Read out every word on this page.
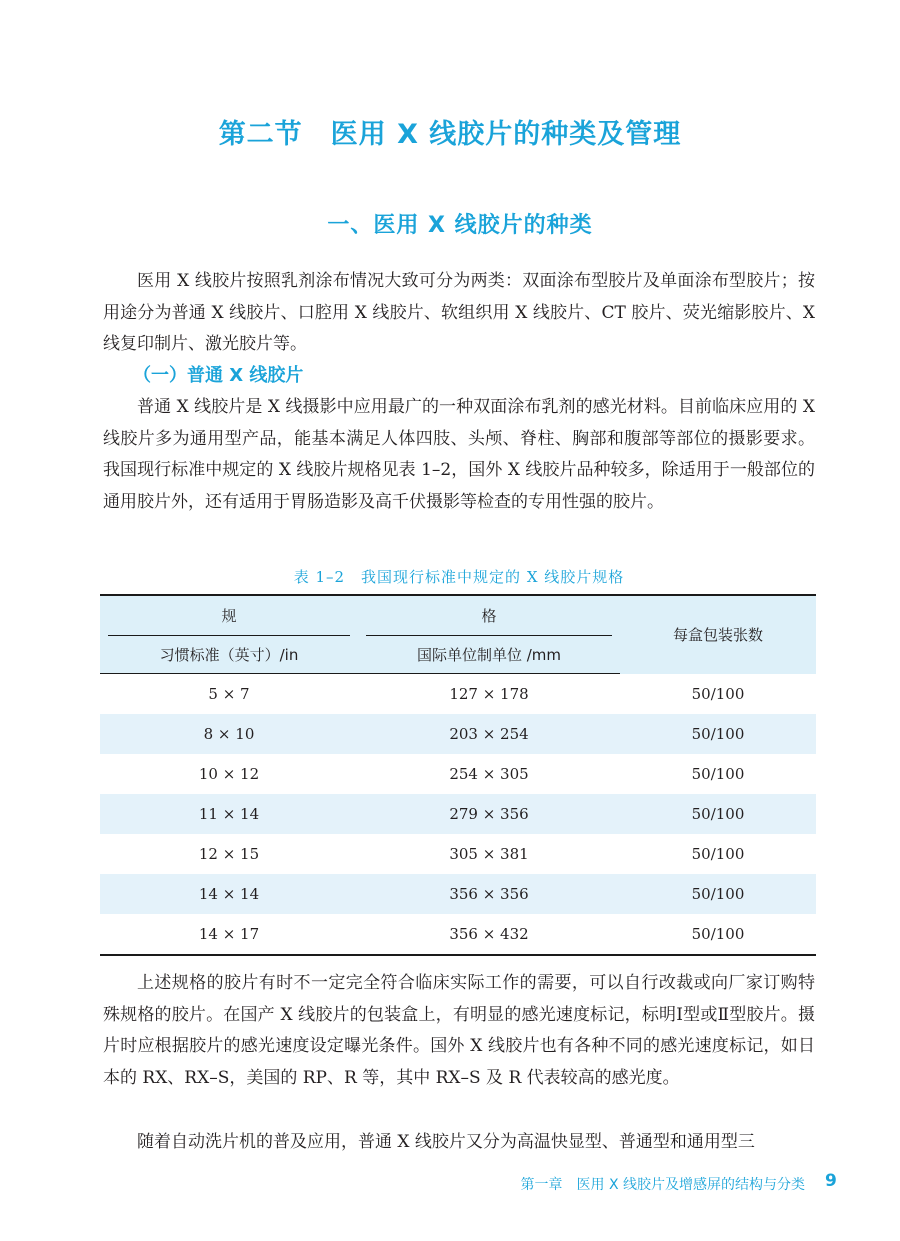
第二节　医用 X 线胶片的种类及管理
一、医用 X 线胶片的种类

医用 X 线胶片按照乳剂涂布情况大致可分为两类：双面涂布型胶片及单面涂布型胶片；按用途分为普通 X 线胶片、口腔用 X 线胶片、软组织用 X 线胶片、CT 胶片、荧光缩影胶片、X 线复印制片、激光胶片等。

（一）普通 X 线胶片

普通 X 线胶片是 X 线摄影中应用最广的一种双面涂布乳剂的感光材料。目前临床应用的 X 线胶片多为通用型产品，能基本满足人体四肢、头颅、脊柱、胸部和腹部等部位的摄影要求。我国现行标准中规定的 X 线胶片规格见表 1–2，国外 X 线胶片品种较多，除适用于一般部位的通用胶片外，还有适用于胃肠造影及高千伏摄影等检查的专用性强的胶片。

表 1–2　我国现行标准中规定的 X 线胶片规格
规	格	每盒包装张数

习惯标准（英寸）/in	国际单位制单位 /mm	
5 × 7	127 × 178	50/100
8 × 10	203 × 254	50/100
10 × 12	254 × 305	50/100
11 × 14	279 × 356	50/100
12 × 15	305 × 381	50/100
14 × 14	356 × 356	50/100
14 × 17	356 × 432	50/100

上述规格的胶片有时不一定完全符合临床实际工作的需要，可以自行改裁或向厂家订购特殊规格的胶片。在国产 X 线胶片的包装盒上，有明显的感光速度标记，标明Ⅰ型或Ⅱ型胶片。摄片时应根据胶片的感光速度设定曝光条件。国外 X 线胶片也有各种不同的感光速度标记，如日本的 RX、RX–S，美国的 RP、R 等，其中 RX–S 及 R 代表较高的感光度。

随着自动洗片机的普及应用，普通 X 线胶片又分为高温快显型、普通型和通用型三

第一章　医用 X 线胶片及增感屏的结构与分类 9
